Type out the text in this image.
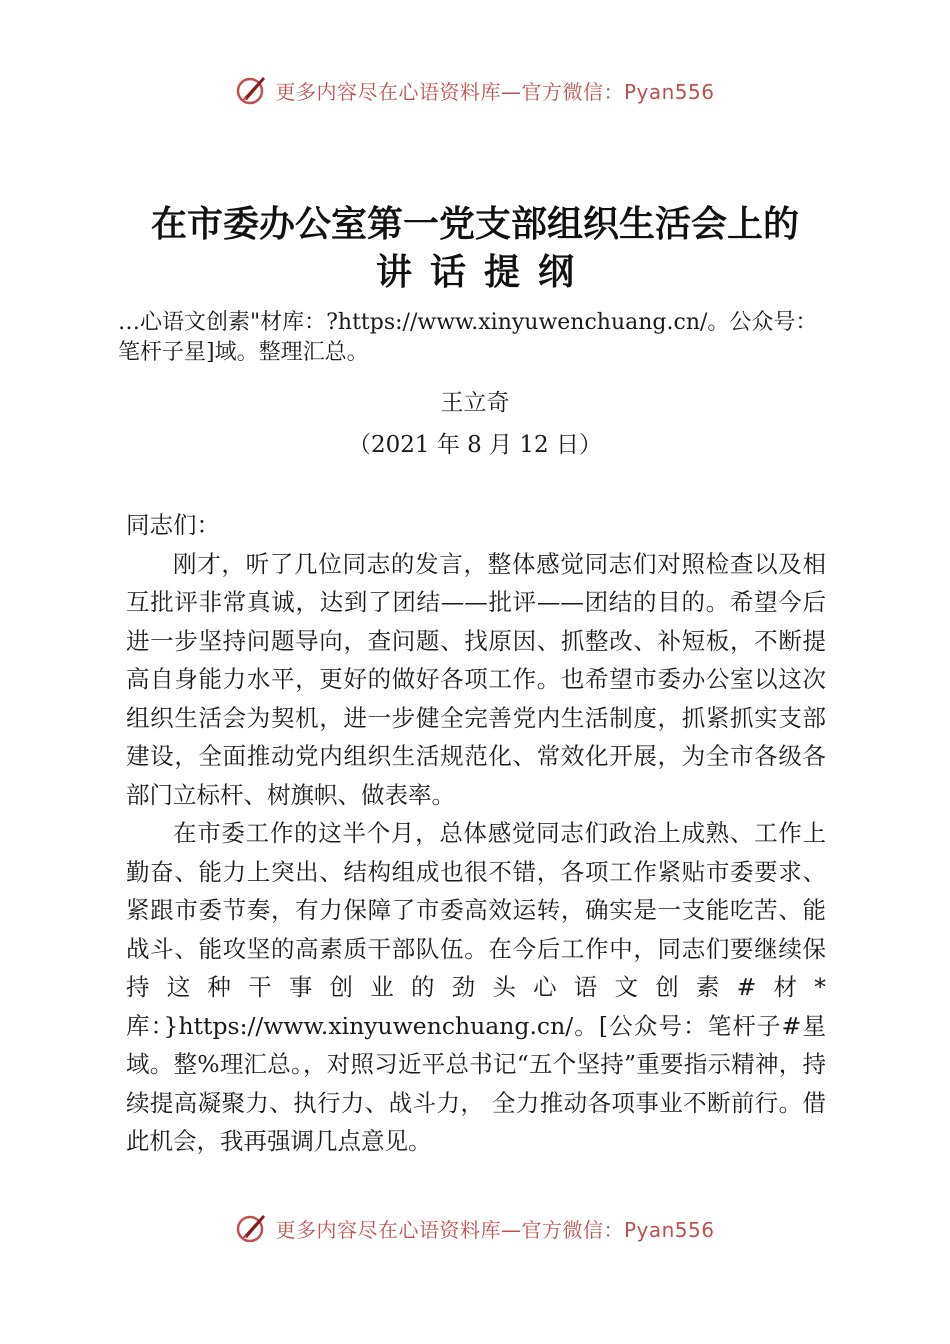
更多内容尽在心语资料库—官方微信：Pyan556
在市委办公室第一党支部组织生活会上的
讲话提纲
…心语文创素"材库：?https://www.xinyuwenchuang.cn/。公众号：笔杆子星]域。整理汇总。
王立奇
（2021 年 8 月 12 日）

同志们：

刚才，听了几位同志的发言，整体感觉同志们对照检查以及相互批评非常真诚，达到了团结——批评——团结的目的。希望今后进一步坚持问题导向，查问题、找原因、抓整改、补短板，不断提高自身能力水平，更好的做好各项工作。也希望市委办公室以这次组织生活会为契机，进一步健全完善党内生活制度，抓紧抓实支部建设，全面推动党内组织生活规范化、常效化开展，为全市各级各部门立标杆、树旗帜、做表率。

在市委工作的这半个月，总体感觉同志们政治上成熟、工作上勤奋、能力上突出、结构组成也很不错，各项工作紧贴市委要求、紧跟市委节奏，有力保障了市委高效运转，确实是一支能吃苦、能战斗、能攻坚的高素质干部队伍。在今后工作中，同志们要继续保持这种干事创业的劲头心语文创素#材*库：}https://www.xinyuwenchuang.cn/。[公众号：笔杆子#星域。整%理汇总。，对照习近平总书记“五个坚持”重要指示精神，持续提高凝聚力、执行力、战斗力， 全力推动各项事业不断前行。借此机会，我再强调几点意见。

更多内容尽在心语资料库—官方微信：Pyan556
